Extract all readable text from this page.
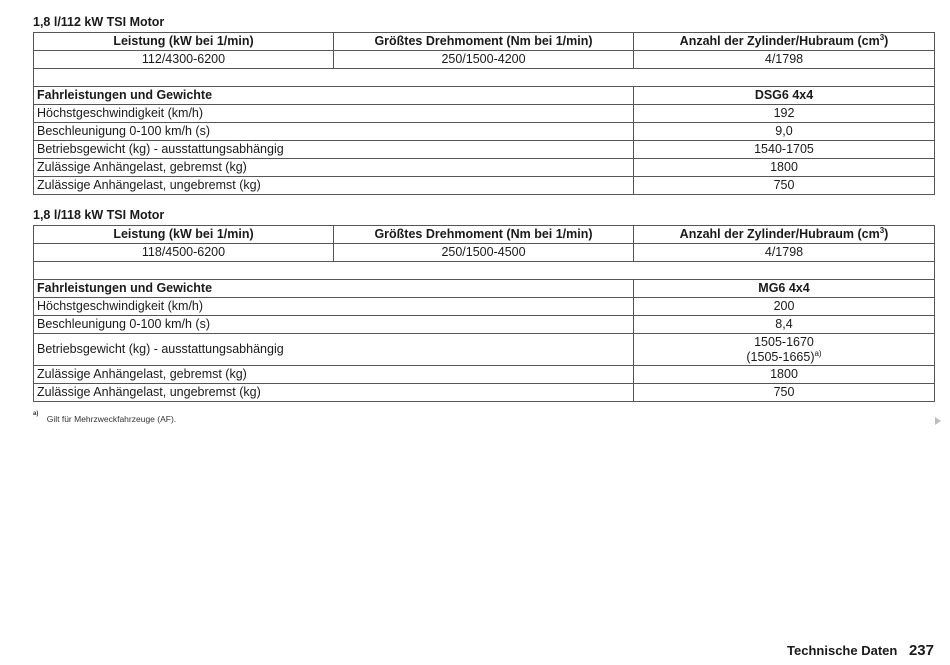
1,8 l/112 kW TSI Motor
Leistung (kW bei 1/min)	Größtes Drehmoment (Nm bei 1/min)	Anzahl der Zylinder/Hubraum $(cm^3)$
112/4300-6200	250/1500-4200	4/1798

Fahrleistungen und Gewichte		DSG6 4x4
Höchstgeschwindigkeit (km/h)		192
Beschleunigung 0-100 km/h (s)		9,0
Betriebsgewicht (kg) - ausstattungsabhängig		1540-1705
Zulässige Anhängelast, gebremst (kg)		1800
Zulässige Anhängelast, ungebremst (kg)		750
1,8 l/118 kW TSI Motor
Leistung (kW bei 1/min)	Größtes Drehmoment (Nm bei 1/min)	Anzahl der Zylinder/Hubraum $(cm^3)$
118/4500-6200	250/1500-4500	4/1798

Fahrleistungen und Gewichte		MG6 4x4
Höchstgeschwindigkeit (km/h)		200
Beschleunigung 0-100 km/h (s)		8,4
Betriebsgewicht (kg) - ausstattungsabhängig		1505-1670
(1505-1665)$^{a)}$

Zulässige Anhängelast, gebremst (kg)		1800
Zulässige Anhängelast, ungebremst (kg)		750
$^{a)}$ Gilt für Mehrzweckfahrzeuge (AF).
Technische Daten 237
